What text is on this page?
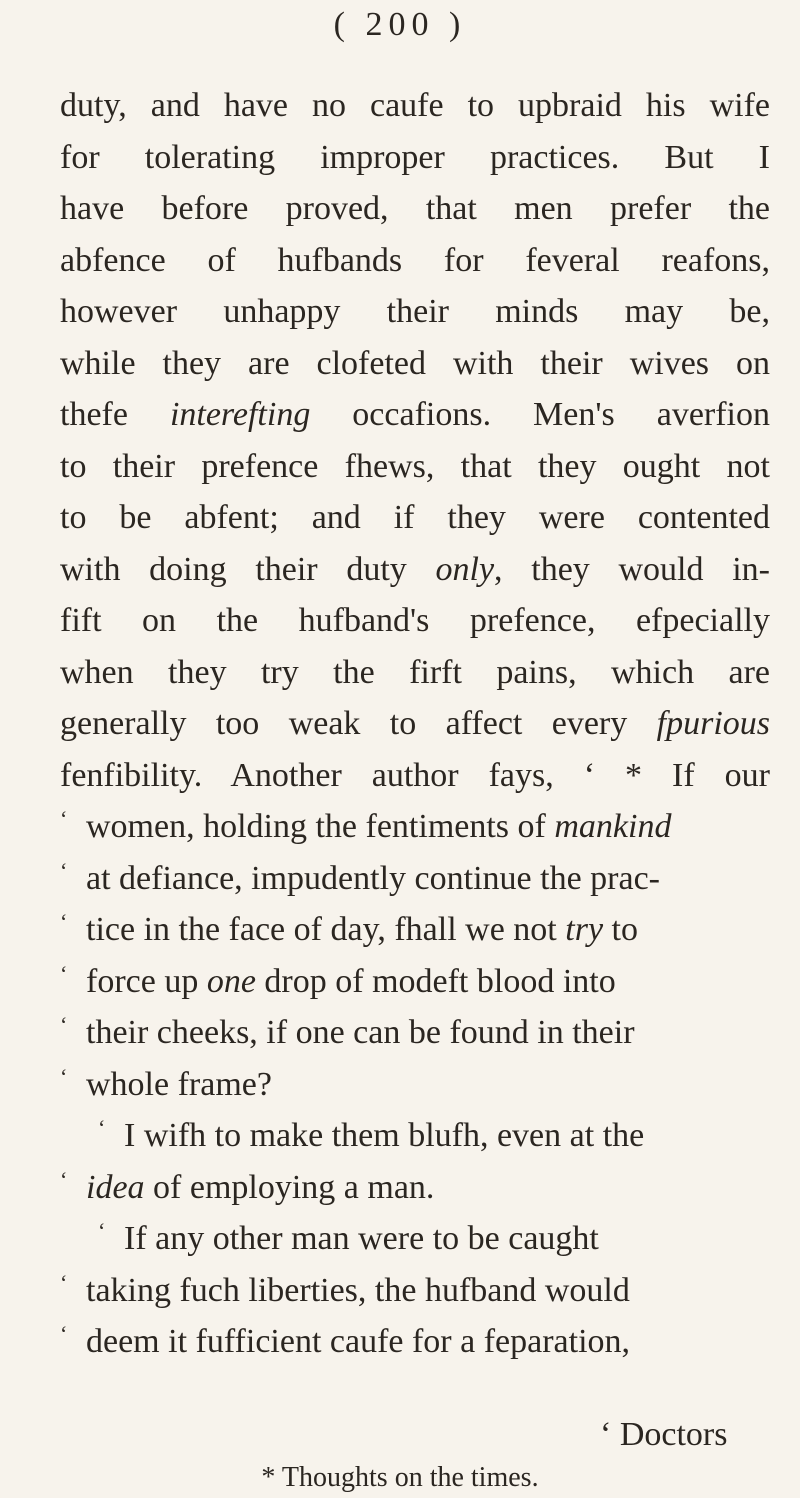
( 200 )
duty, and have no caufe to upbraid his wife
for tolerating improper practices. But I
have before proved, that men prefer the
abfence of hufbands for feveral reafons,
however unhappy their minds may be,
while they are clofeted with their wives on
thefe interefting occafions. Men's averfion
to their prefence fhews, that they ought not
to be abfent; and if they were contented
with doing their duty only, they would in-
fift on the hufband's prefence, efpecially
when they try the firft pains, which are
generally too weak to affect every fpurious
fenfibility. Another author fays, ‘ * If our
‘ women, holding the fentiments of mankind
‘ at defiance, impudently continue the prac-
‘ tice in the face of day, fhall we not try to
‘ force up one drop of modeft blood into
‘ their cheeks, if one can be found in their
‘ whole frame?
‘ I wifh to make them blufh, even at the
‘ idea of employing a man.
‘ If any other man were to be caught
‘ taking fuch liberties, the hufband would
‘ deem it fufficient caufe for a feparation,
‘ Doctors
* Thoughts on the times.
